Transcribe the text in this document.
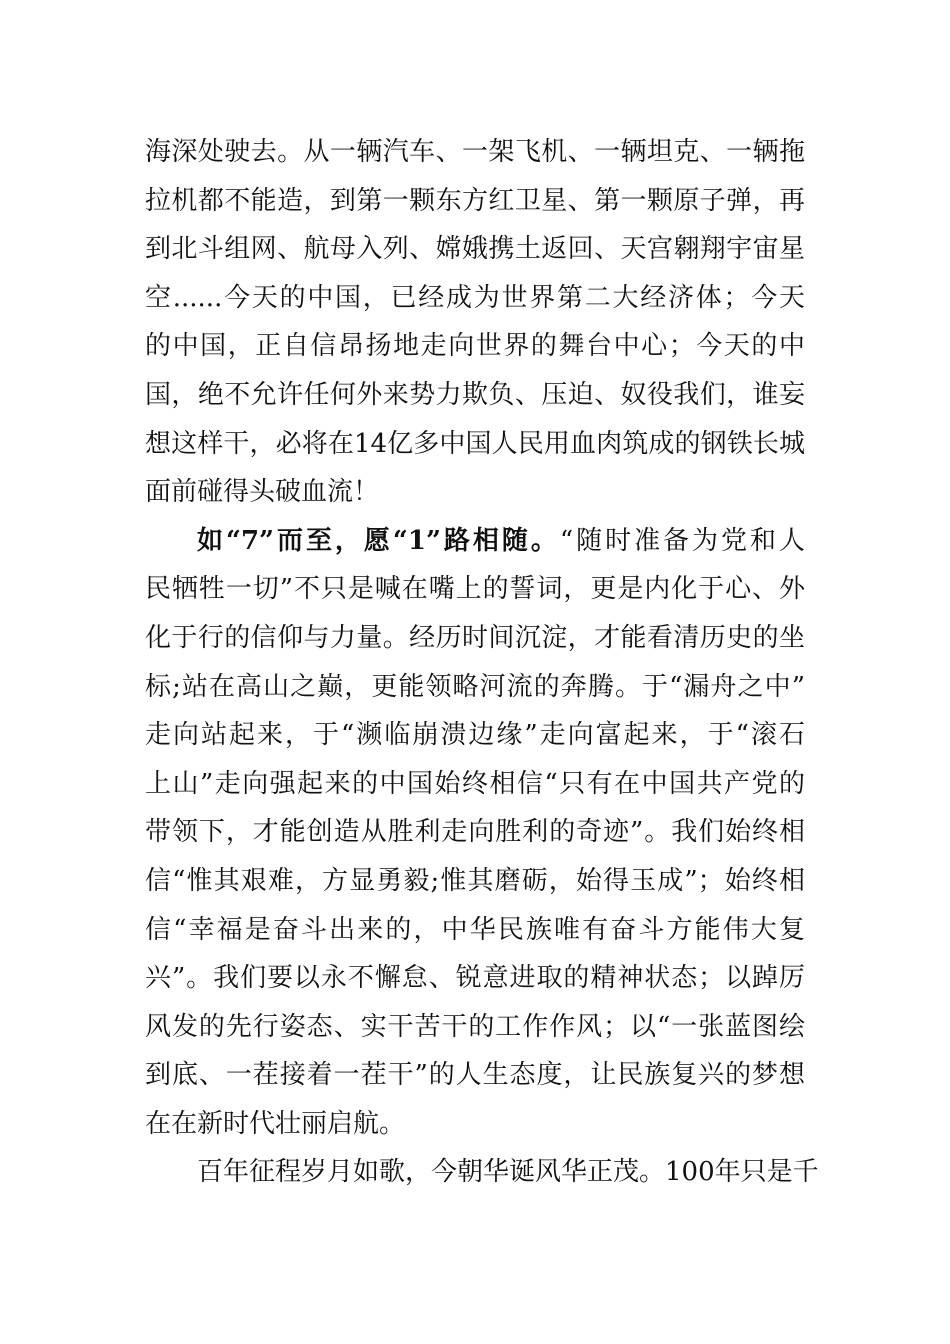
海深处驶去。从一辆汽车、一架飞机、一辆坦克、一辆拖
拉机都不能造，到第一颗东方红卫星、第一颗原子弹，再
到北斗组网、航母入列、嫦娥携土返回、天宫翱翔宇宙星
空......今天的中国，已经成为世界第二大经济体；今天
的中国，正自信昂扬地走向世界的舞台中心；今天的中
国，绝不允许任何外来势力欺负、压迫、奴役我们，谁妄
想这样干，必将在14亿多中国人民用血肉筑成的钢铁长城
面前碰得头破血流！
如“7”而至，愿“1”路相随。“随时准备为党和人
民牺牲一切”不只是喊在嘴上的誓词，更是内化于心、外
化于行的信仰与力量。经历时间沉淀，才能看清历史的坐
标;站在高山之巅，更能领略河流的奔腾。于“漏舟之中”
走向站起来，于“濒临崩溃边缘”走向富起来，于“滚石
上山”走向强起来的中国始终相信“只有在中国共产党的
带领下，才能创造从胜利走向胜利的奇迹”。我们始终相
信“惟其艰难，方显勇毅;惟其磨砺，始得玉成”；始终相
信“幸福是奋斗出来的，中华民族唯有奋斗方能伟大复
兴”。我们要以永不懈怠、锐意进取的精神状态；以踔厉
风发的先行姿态、实干苦干的工作作风；以“一张蓝图绘
到底、一茬接着一茬干”的人生态度，让民族复兴的梦想
在在新时代壮丽启航。
百年征程岁月如歌，今朝华诞风华正茂。100年只是千
